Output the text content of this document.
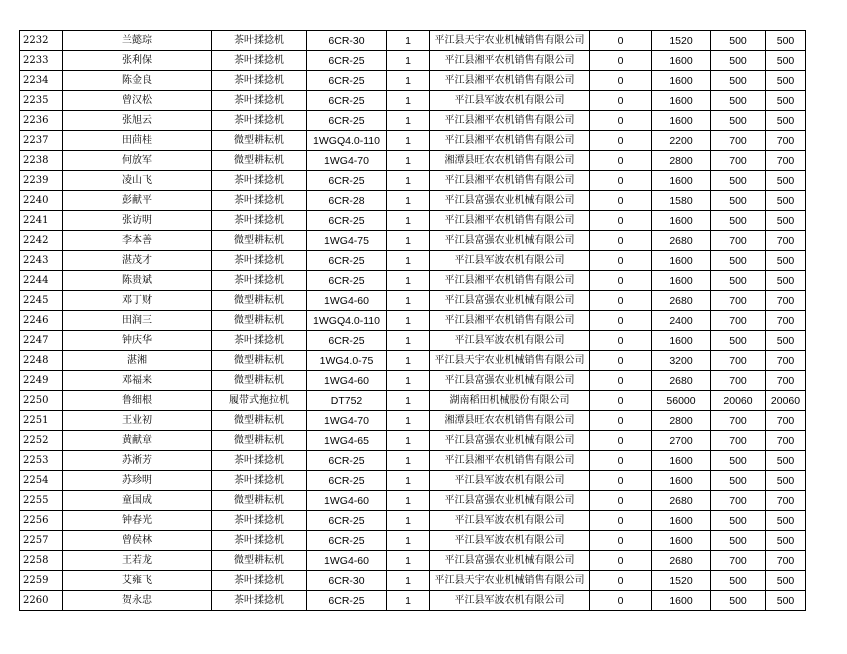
2232	兰懿琮	茶叶揉捻机	6CR-30	1	平江县天宇农业机械销售有限公司	0	1520	500	500
2233	张利保	茶叶揉捻机	6CR-25	1	平江县湘平农机销售有限公司	0	1600	500	500
2234	陈金良	茶叶揉捻机	6CR-25	1	平江县湘平农机销售有限公司	0	1600	500	500
2235	曾汉松	茶叶揉捻机	6CR-25	1	平江县军波农机有限公司	0	1600	500	500
2236	张旭云	茶叶揉捻机	6CR-25	1	平江县湘平农机销售有限公司	0	1600	500	500
2237	田茴桂	微型耕耘机	1WGQ4.0-110	1	平江县湘平农机销售有限公司	0	2200	700	700
2238	何放军	微型耕耘机	1WG4-70	1	湘潭县旺农农机销售有限公司	0	2800	700	700
2239	凌山飞	茶叶揉捻机	6CR-25	1	平江县湘平农机销售有限公司	0	1600	500	500
2240	彭献平	茶叶揉捻机	6CR-28	1	平江县富强农业机械有限公司	0	1580	500	500
2241	张访明	茶叶揉捻机	6CR-25	1	平江县湘平农机销售有限公司	0	1600	500	500
2242	李本善	微型耕耘机	1WG4-75	1	平江县富强农业机械有限公司	0	2680	700	700
2243	湛茂才	茶叶揉捻机	6CR-25	1	平江县军波农机有限公司	0	1600	500	500
2244	陈贵斌	茶叶揉捻机	6CR-25	1	平江县湘平农机销售有限公司	0	1600	500	500
2245	邓丁财	微型耕耘机	1WG4-60	1	平江县富强农业机械有限公司	0	2680	700	700
2246	田润三	微型耕耘机	1WGQ4.0-110	1	平江县湘平农机销售有限公司	0	2400	700	700
2247	钟庆华	茶叶揉捻机	6CR-25	1	平江县军波农机有限公司	0	1600	500	500
2248	湛湘	微型耕耘机	1WG4.0-75	1	平江县天宇农业机械销售有限公司	0	3200	700	700
2249	邓福来	微型耕耘机	1WG4-60	1	平江县富强农业机械有限公司	0	2680	700	700
2250	鲁细根	履带式拖拉机	DT752	1	湖南稻田机械股份有限公司	0	56000	20060	20060
2251	王业初	微型耕耘机	1WG4-70	1	湘潭县旺农农机销售有限公司	0	2800	700	700
2252	黄献章	微型耕耘机	1WG4-65	1	平江县富强农业机械有限公司	0	2700	700	700
2253	苏淅芳	茶叶揉捻机	6CR-25	1	平江县湘平农机销售有限公司	0	1600	500	500
2254	苏珍明	茶叶揉捻机	6CR-25	1	平江县军波农机有限公司	0	1600	500	500
2255	童国成	微型耕耘机	1WG4-60	1	平江县富强农业机械有限公司	0	2680	700	700
2256	钟春光	茶叶揉捻机	6CR-25	1	平江县军波农机有限公司	0	1600	500	500
2257	曾侯林	茶叶揉捻机	6CR-25	1	平江县军波农机有限公司	0	1600	500	500
2258	王若龙	微型耕耘机	1WG4-60	1	平江县富强农业机械有限公司	0	2680	700	700
2259	艾雍飞	茶叶揉捻机	6CR-30	1	平江县天宇农业机械销售有限公司	0	1520	500	500
2260	贺永忠	茶叶揉捻机	6CR-25	1	平江县军波农机有限公司	0	1600	500	500
